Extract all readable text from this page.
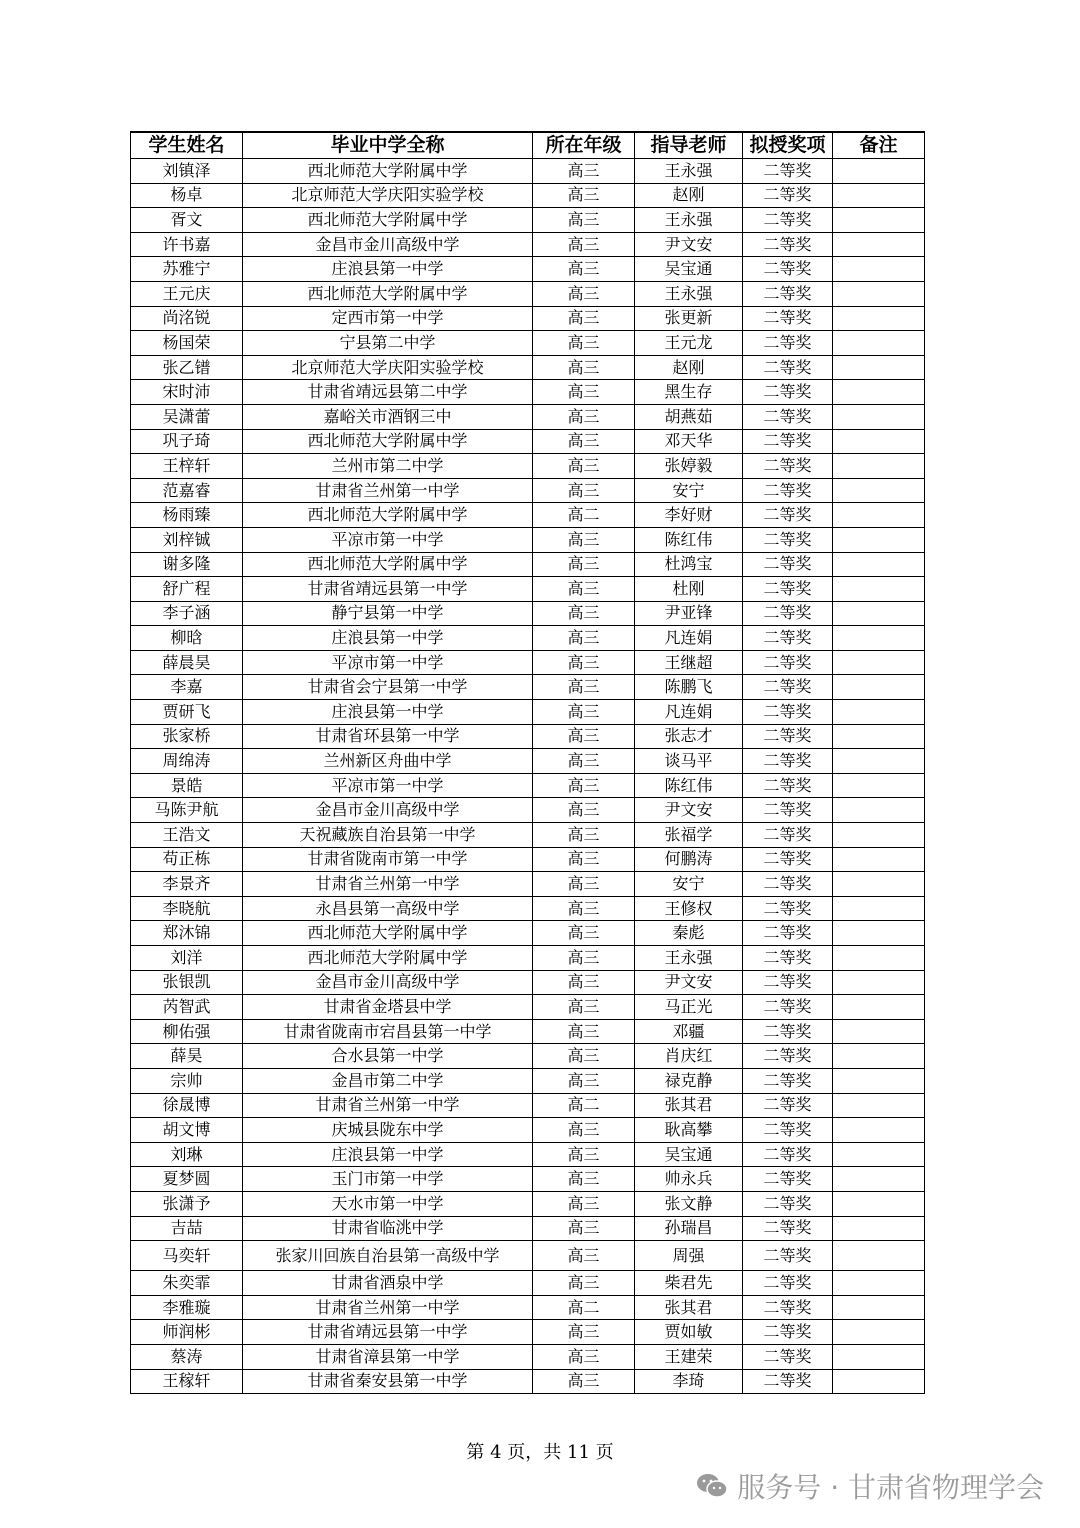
学生姓名	毕业中学全称	所在年级	指导老师	拟授奖项	备注
刘镇泽	西北师范大学附属中学	高三	王永强	二等奖	
杨卓	北京师范大学庆阳实验学校	高三	赵刚	二等奖	
胥文	西北师范大学附属中学	高三	王永强	二等奖	
许书嘉	金昌市金川高级中学	高三	尹文安	二等奖	
苏雅宁	庄浪县第一中学	高三	吴宝通	二等奖	
王元庆	西北师范大学附属中学	高三	王永强	二等奖	
尚洺锐	定西市第一中学	高三	张更新	二等奖	
杨国荣	宁县第二中学	高三	王元龙	二等奖	
张乙镨	北京师范大学庆阳实验学校	高三	赵刚	二等奖	
宋时沛	甘肃省靖远县第二中学	高三	黑生存	二等奖	
吴潇蕾	嘉峪关市酒钢三中	高三	胡燕茹	二等奖	
巩子琦	西北师范大学附属中学	高三	邓天华	二等奖	
王梓轩	兰州市第二中学	高三	张婷毅	二等奖	
范嘉睿	甘肃省兰州第一中学	高三	安宁	二等奖	
杨雨臻	西北师范大学附属中学	高二	李好财	二等奖	
刘梓铖	平凉市第一中学	高三	陈红伟	二等奖	
谢多隆	西北师范大学附属中学	高三	杜鸿宝	二等奖	
舒广程	甘肃省靖远县第一中学	高三	杜刚	二等奖	
李子涵	静宁县第一中学	高三	尹亚锋	二等奖	
柳晗	庄浪县第一中学	高三	凡连娟	二等奖	
薛晨昊	平凉市第一中学	高三	王继超	二等奖	
李嘉	甘肃省会宁县第一中学	高三	陈鹏飞	二等奖	
贾研飞	庄浪县第一中学	高三	凡连娟	二等奖	
张家桥	甘肃省环县第一中学	高三	张志才	二等奖	
周绵涛	兰州新区舟曲中学	高三	谈马平	二等奖	
景皓	平凉市第一中学	高三	陈红伟	二等奖	
马陈尹航	金昌市金川高级中学	高三	尹文安	二等奖	
王浩文	天祝藏族自治县第一中学	高三	张福学	二等奖	
苟正栋	甘肃省陇南市第一中学	高三	何鹏涛	二等奖	
李景齐	甘肃省兰州第一中学	高三	安宁	二等奖	
李晓航	永昌县第一高级中学	高三	王修权	二等奖	
郑沐锦	西北师范大学附属中学	高三	秦彪	二等奖	
刘洋	西北师范大学附属中学	高三	王永强	二等奖	
张银凯	金昌市金川高级中学	高三	尹文安	二等奖	
芮智武	甘肃省金塔县中学	高三	马正光	二等奖	
柳佑强	甘肃省陇南市宕昌县第一中学	高三	邓疆	二等奖	
薛昊	合水县第一中学	高三	肖庆红	二等奖	
宗帅	金昌市第二中学	高三	禄克静	二等奖	
徐晟博	甘肃省兰州第一中学	高二	张其君	二等奖	
胡文博	庆城县陇东中学	高三	耿高攀	二等奖	
刘琳	庄浪县第一中学	高三	吴宝通	二等奖	
夏梦圆	玉门市第一中学	高三	帅永兵	二等奖	
张潇予	天水市第一中学	高三	张文静	二等奖	
吉喆	甘肃省临洮中学	高三	孙瑞昌	二等奖	
马奕轩	张家川回族自治县第一高级中学	高三	周强	二等奖	
朱奕霏	甘肃省酒泉中学	高三	柴君先	二等奖	
李雅璇	甘肃省兰州第一中学	高二	张其君	二等奖	
师润彬	甘肃省靖远县第一中学	高三	贾如敏	二等奖	
蔡涛	甘肃省漳县第一中学	高三	王建荣	二等奖	
王稼轩	甘肃省秦安县第一中学	高三	李琦	二等奖	
第 4 页，共 11 页
服务号 · 甘肃省物理学会
